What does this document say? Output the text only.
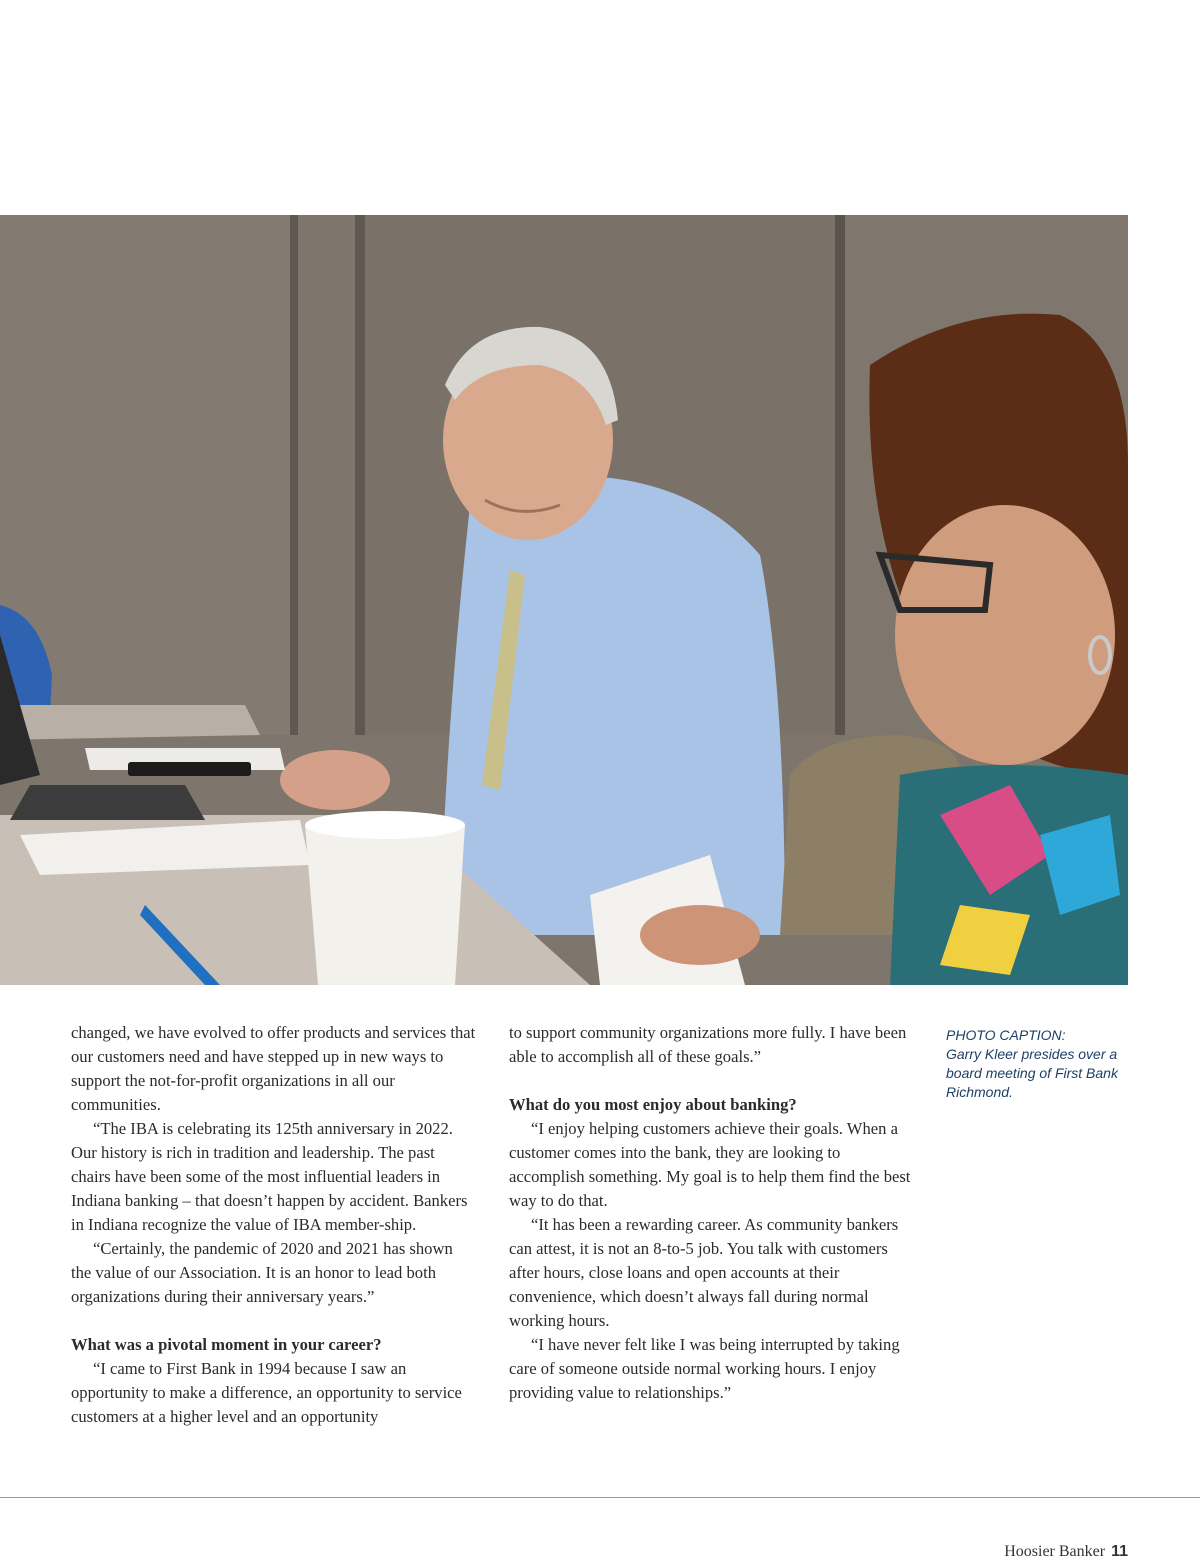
changed, we have evolved to offer products and services that our customers need and have stepped up in new ways to support the not-for-profit organizations in all our communities.

“The IBA is celebrating its 125th anniversary in 2022. Our history is rich in tradition and leadership. The past chairs have been some of the most influential leaders in Indiana banking – that doesn’t happen by accident. Bankers in Indiana recognize the value of IBA member-ship.

“Certainly, the pandemic of 2020 and 2021 has shown the value of our Association. It is an honor to lead both organizations during their anniversary years.”

What was a pivotal moment in your career?

“I came to First Bank in 1994 because I saw an opportunity to make a difference, an opportunity to service customers at a higher level and an opportunity

to support community organizations more fully. I have been able to accomplish all of these goals.”

What do you most enjoy about banking?

“I enjoy helping customers achieve their goals. When a customer comes into the bank, they are looking to accomplish something. My goal is to help them find the best way to do that.

“It has been a rewarding career. As community bankers can attest, it is not an 8-to-5 job. You talk with customers after hours, close loans and open accounts at their convenience, which doesn’t always fall during normal working hours.

“I have never felt like I was being interrupted by taking care of someone outside normal working hours. I enjoy providing value to relationships.”

PHOTO CAPTION:
Garry Kleer presides over a board meeting of First Bank Richmond.
Hoosier Banker 11
